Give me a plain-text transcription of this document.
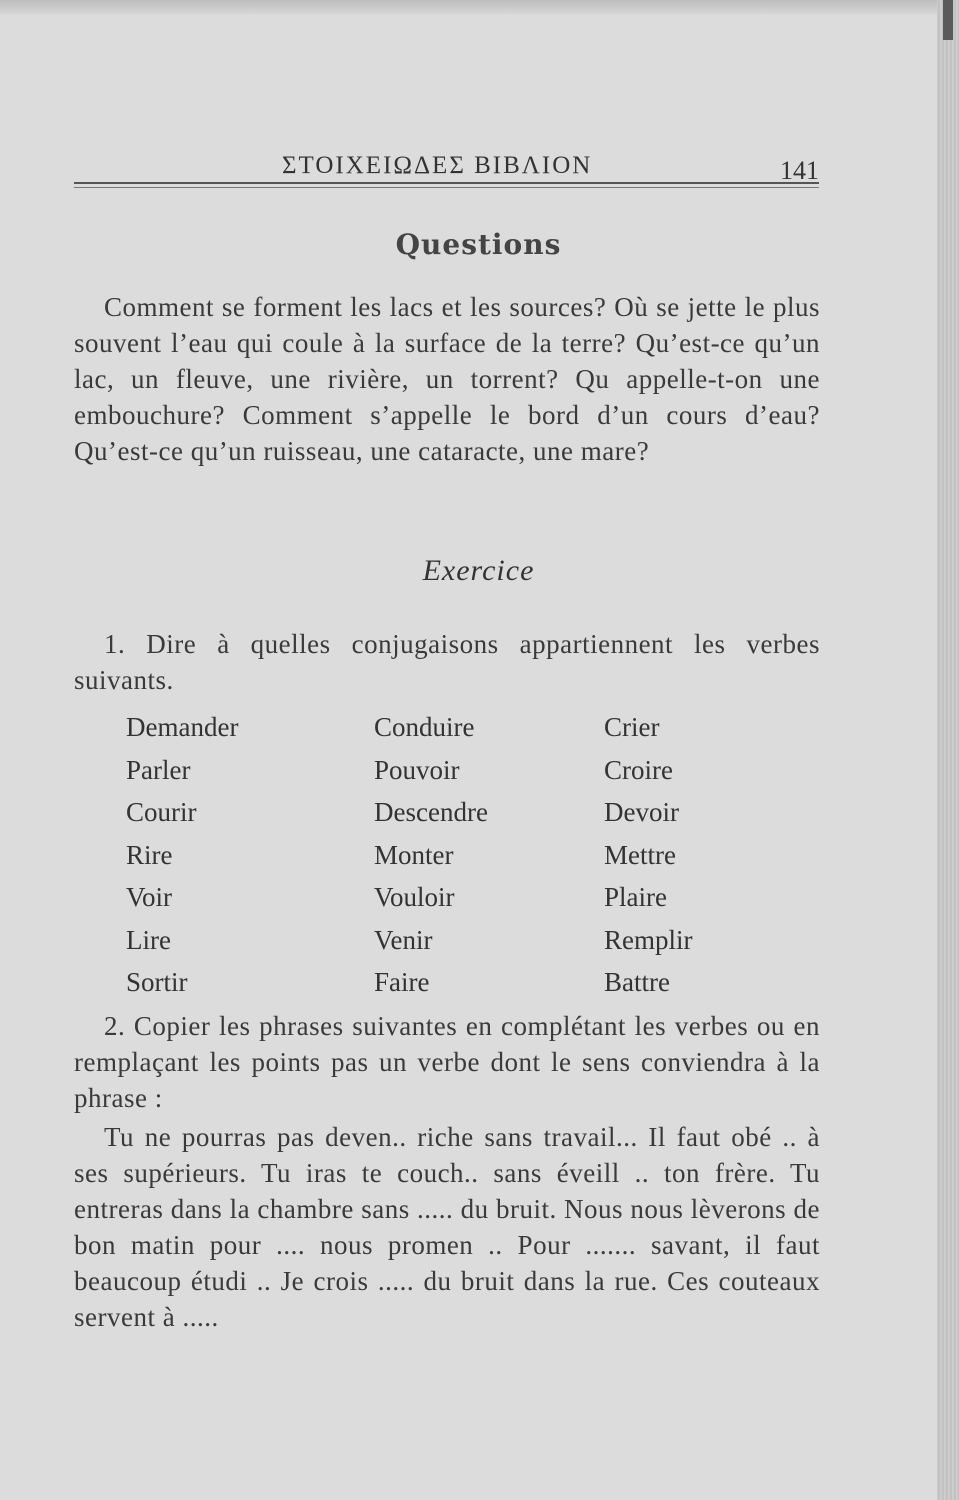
ΣΤΟΙΧΕΙΩΔΕΣ ΒΙΒΛΙΟΝ	141
Questions
Comment se forment les lacs et les sources? Où se jette le plus souvent l’eau qui coule à la surface de la terre? Qu’est-ce qu’un lac, un fleuve, une rivière, un torrent? Qu appelle-t-on une embouchure? Comment s’appelle le bord d’un cours d’eau? Qu’est-ce qu’un ruisseau, une cataracte, une mare?
Exercice
1. Dire à quelles conjugaisons appartiennent les verbes suivants.
Demander
Parler
Courir
Rire
Voir
Lire
Sortir
Conduire
Pouvoir
Descendre
Monter
Vouloir
Venir
Faire
Crier
Croire
Devoir
Mettre
Plaire
Remplir
Battre
2. Copier les phrases suivantes en complétant les verbes ou en remplaçant les points pas un verbe dont le sens conviendra à la phrase :
Tu ne pourras pas deven.. riche sans travail... Il faut obé .. à ses supérieurs. Tu iras te couch.. sans éveill .. ton frère. Tu entreras dans la chambre sans ..... du bruit. Nous nous lèverons de bon matin pour .... nous promen .. Pour ....... savant, il faut beaucoup étudi .. Je crois ..... du bruit dans la rue. Ces couteaux servent à .....
